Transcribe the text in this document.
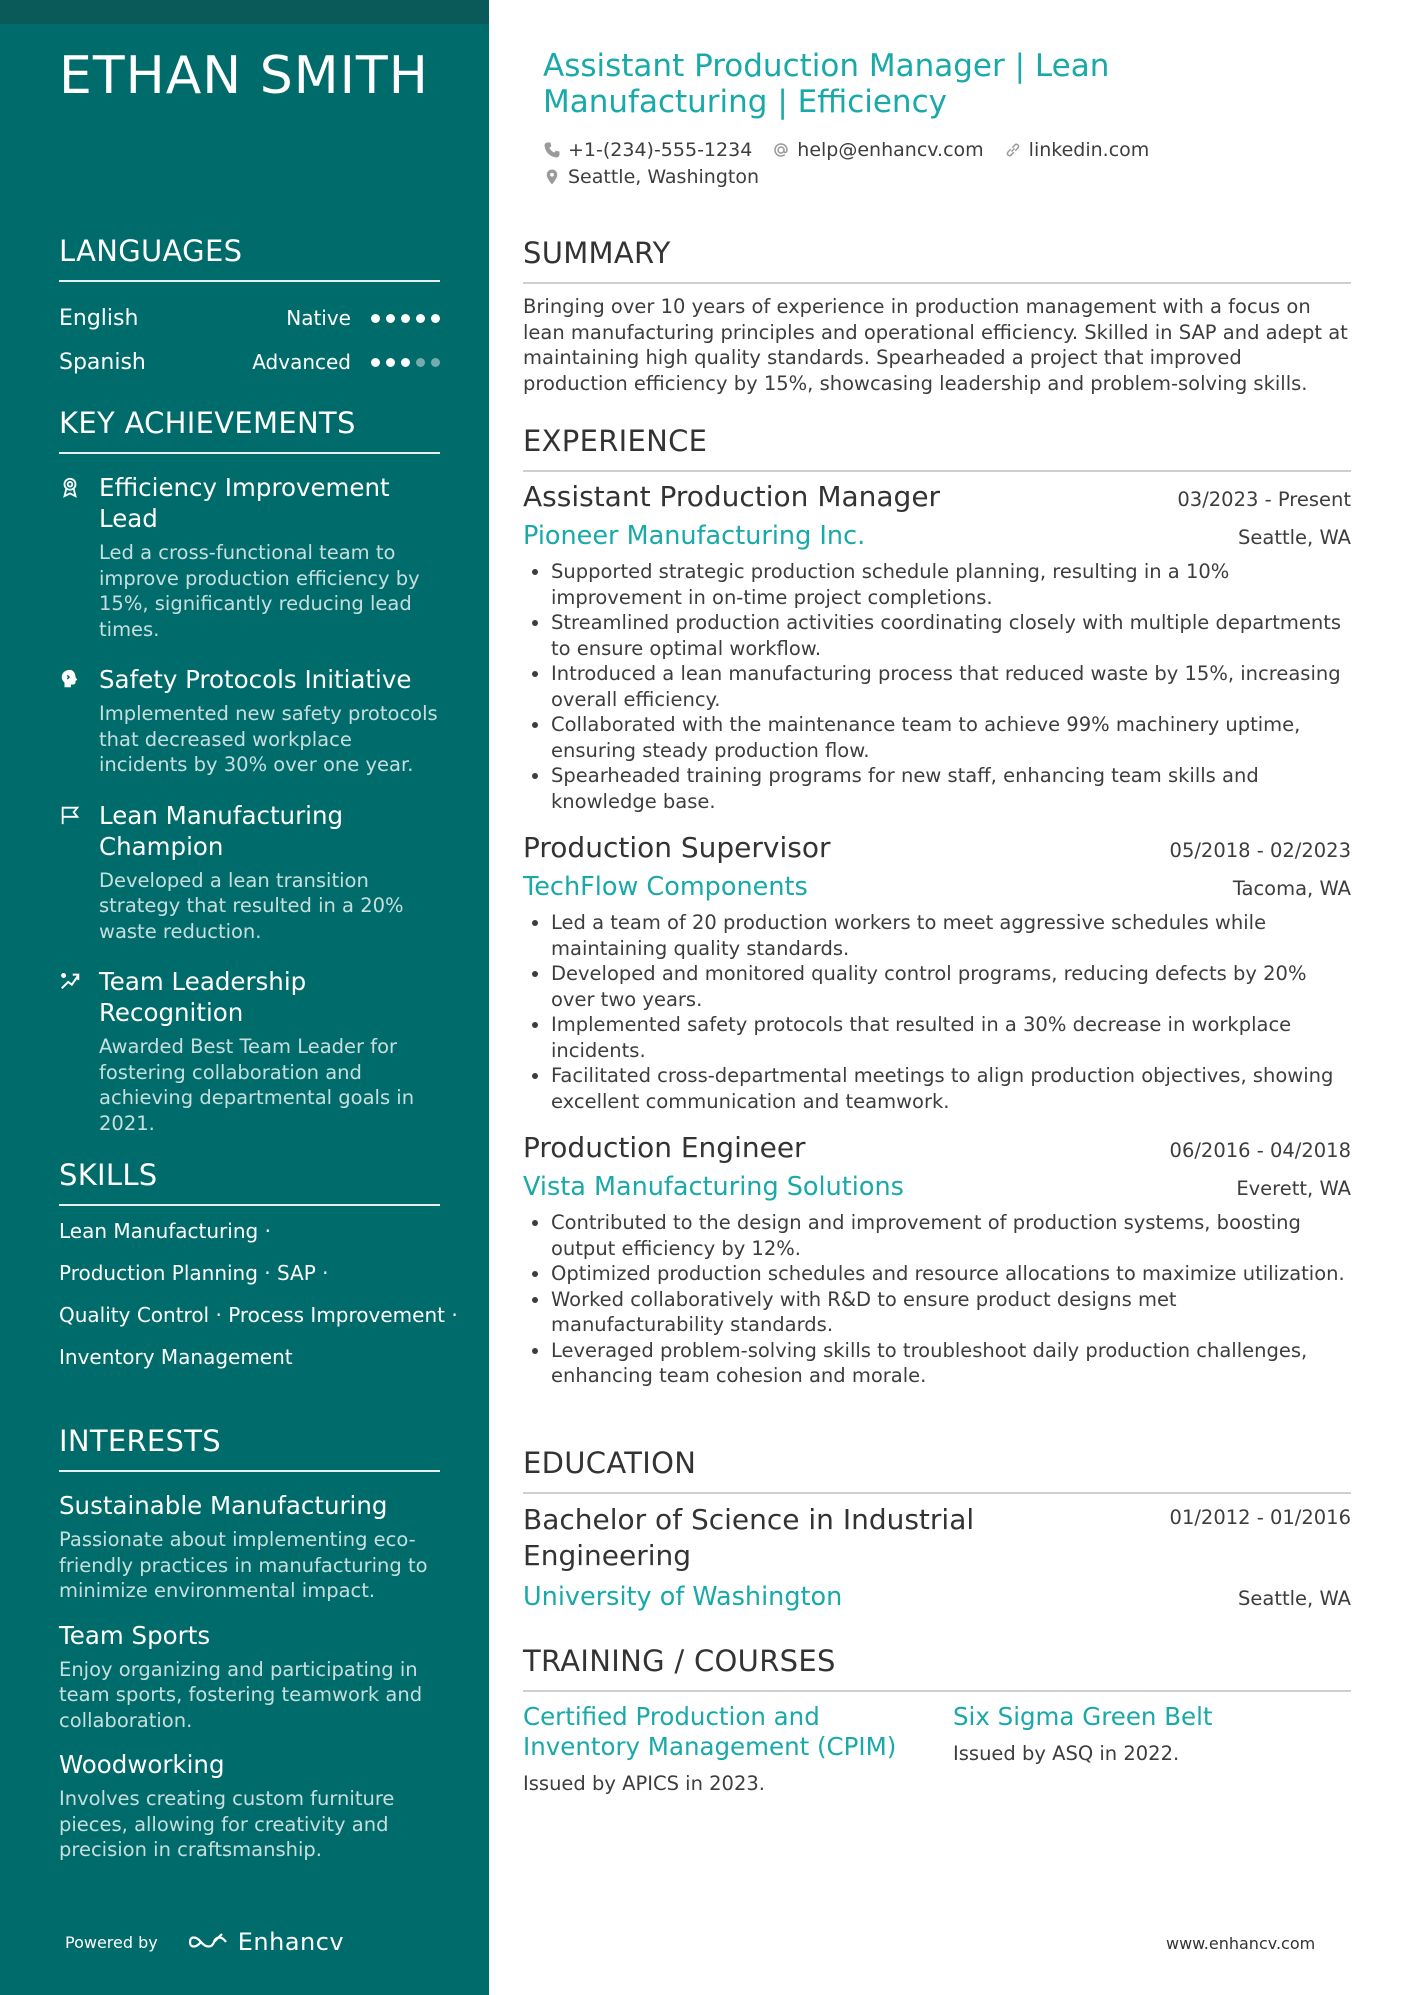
ETHAN SMITH
LANGUAGES
English	Native
Spanish	Advanced
KEY ACHIEVEMENTS
Efficiency Improvement Lead
Led a cross-functional team to improve production efficiency by 15%, significantly reducing lead times.
Safety Protocols Initiative
Implemented new safety protocols that decreased workplace incidents by 30% over one year.
Lean Manufacturing Champion
Developed a lean transition strategy that resulted in a 20% waste reduction.
Team Leadership Recognition
Awarded Best Team Leader for fostering collaboration and achieving departmental goals in 2021.
SKILLS
Lean Manufacturing ·
Production Planning · SAP ·
Quality Control · Process Improvement ·
Inventory Management
INTERESTS
Sustainable Manufacturing
Passionate about implementing eco-friendly practices in manufacturing to minimize environmental impact.
Team Sports
Enjoy organizing and participating in team sports, fostering teamwork and collaboration.
Woodworking
Involves creating custom furniture pieces, allowing for creativity and precision in craftsmanship.
Powered by	Enhancv
Assistant Production Manager | Lean Manufacturing | Efficiency
+1-(234)-555-1234 help@enhancv.com linkedin.com
Seattle, Washington
SUMMARY

Bringing over 10 years of experience in production management with a focus on lean manufacturing principles and operational efficiency. Skilled in SAP and adept at maintaining high quality standards. Spearheaded a project that improved production efficiency by 15%, showcasing leadership and problem-solving skills.

EXPERIENCE
Assistant Production Manager	03/2023 - Present
Pioneer Manufacturing Inc.	Seattle, WA
Supported strategic production schedule planning, resulting in a 10% improvement in on-time project completions.
Streamlined production activities coordinating closely with multiple departments to ensure optimal workflow.
Introduced a lean manufacturing process that reduced waste by 15%, increasing overall efficiency.
Collaborated with the maintenance team to achieve 99% machinery uptime, ensuring steady production flow.
Spearheaded training programs for new staff, enhancing team skills and knowledge base.
Production Supervisor	05/2018 - 02/2023
TechFlow Components	Tacoma, WA
Led a team of 20 production workers to meet aggressive schedules while maintaining quality standards.
Developed and monitored quality control programs, reducing defects by 20% over two years.
Implemented safety protocols that resulted in a 30% decrease in workplace incidents.
Facilitated cross-departmental meetings to align production objectives, showing excellent communication and teamwork.
Production Engineer	06/2016 - 04/2018
Vista Manufacturing Solutions	Everett, WA
Contributed to the design and improvement of production systems, boosting output efficiency by 12%.
Optimized production schedules and resource allocations to maximize utilization.
Worked collaboratively with R&D to ensure product designs met manufacturability standards.
Leveraged problem-solving skills to troubleshoot daily production challenges, enhancing team cohesion and morale.
EDUCATION
Bachelor of Science in Industrial Engineering
01/2012 - 01/2016
University of Washington	Seattle, WA
TRAINING / COURSES
Certified Production and Inventory Management (CPIM)
Issued by APICS in 2023.
Six Sigma Green Belt
Issued by ASQ in 2022.
www.enhancv.com
